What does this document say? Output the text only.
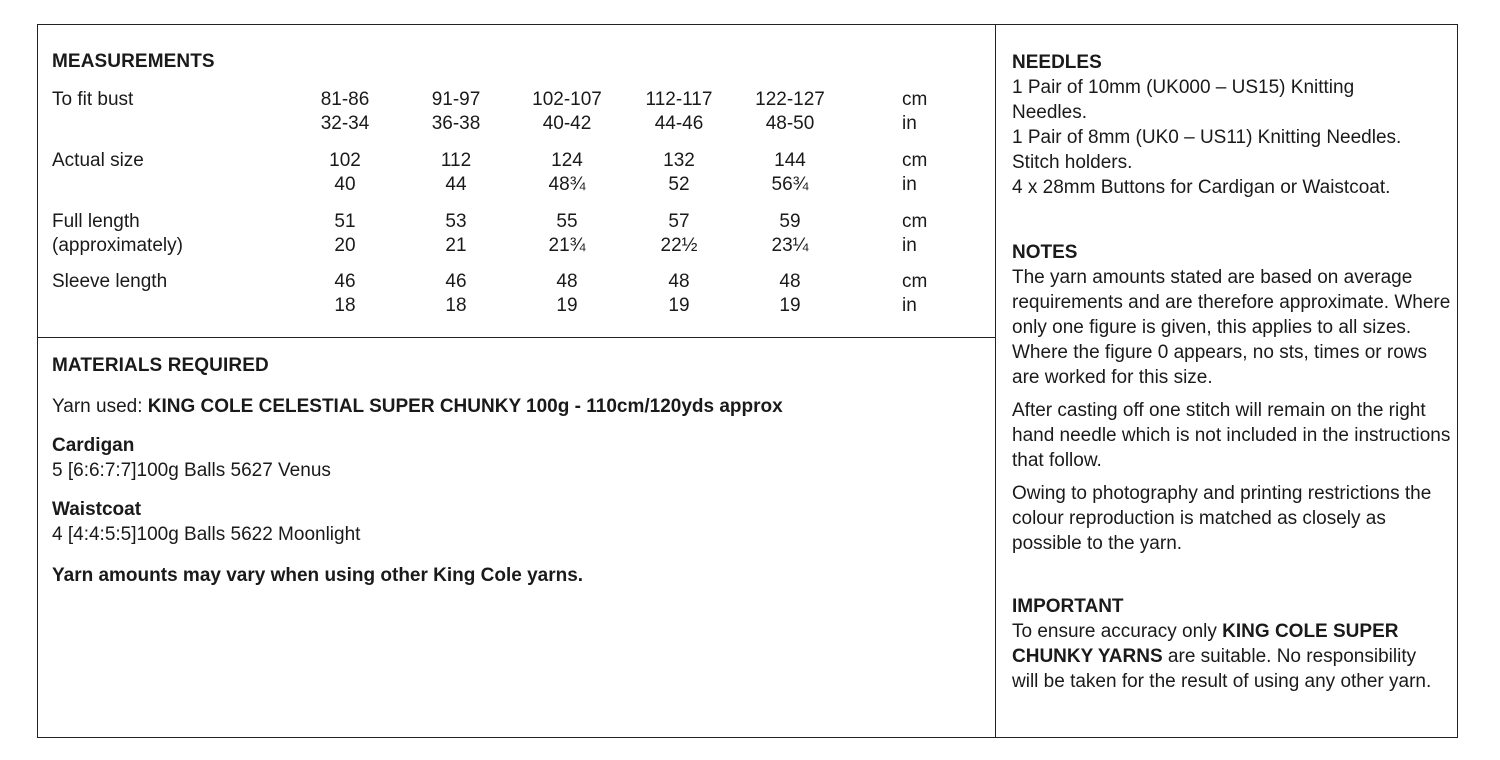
MEASUREMENTS
To fit bust	81-86	91-97	102-107	112-117	122-127	cm
32-34	36-38	40-42	44-46	48-50	in
Actual size	102	112	124	132	144	cm
40	44	48¾	52	56¾	in
Full length
(approximately)
51	53	55	57	59	cm
20	21	21¾	22½	23¼	in
Sleeve length	46	46	48	48	48	cm
18	18	19	19	19	in
MATERIALS REQUIRED
Yarn used: KING COLE CELESTIAL SUPER CHUNKY 100g - 110cm/120yds approx
Cardigan
5 [6:6:7:7]100g Balls 5627 Venus
Waistcoat
4 [4:4:5:5]100g Balls 5622 Moonlight
Yarn amounts may vary when using other King Cole yarns.
NEEDLES
1 Pair of 10mm (UK000 – US15) Knitting Needles.
1 Pair of 8mm (UK0 – US11) Knitting Needles.
Stitch holders.
4 x 28mm Buttons for Cardigan or Waistcoat.
NOTES

The yarn amounts stated are based on average requirements and are therefore approximate. Where only one figure is given, this applies to all sizes. Where the figure 0 appears, no sts, times or rows are worked for this size.

After casting off one stitch will remain on the right hand needle which is not included in the instructions that follow.

Owing to photography and printing restrictions the colour reproduction is matched as closely as possible to the yarn.

IMPORTANT

To ensure accuracy only KING COLE SUPER CHUNKY YARNS are suitable. No responsibility will be taken for the result of using any other yarn.
